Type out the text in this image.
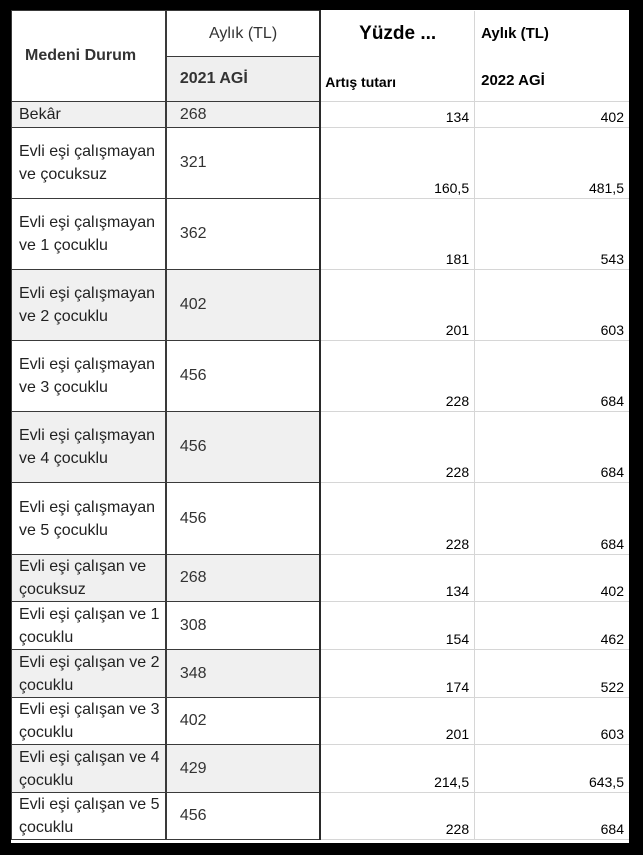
Medeni Durum	Aylık (TL)	Yüzde ...	Aylık (TL)
	2021 AGİ	Artış tutarı	2022 AGİ
Bekâr	268	134	402
Evli eşi çalışmayan ve çocuksuz	321	160,5	481,5
Evli eşi çalışmayan ve 1 çocuklu	362	181	543
Evli eşi çalışmayan ve 2 çocuklu	402	201	603
Evli eşi çalışmayan ve 3 çocuklu	456	228	684
Evli eşi çalışmayan ve 4 çocuklu	456	228	684
Evli eşi çalışmayan ve 5 çocuklu	456	228	684
Evli eşi çalışan ve çocuksuz	268	134	402
Evli eşi çalışan ve 1 çocuklu	308	154	462
Evli eşi çalışan ve 2 çocuklu	348	174	522
Evli eşi çalışan ve 3 çocuklu	402	201	603
Evli eşi çalışan ve 4 çocuklu	429	214,5	643,5
Evli eşi çalışan ve 5 çocuklu	456	228	684
